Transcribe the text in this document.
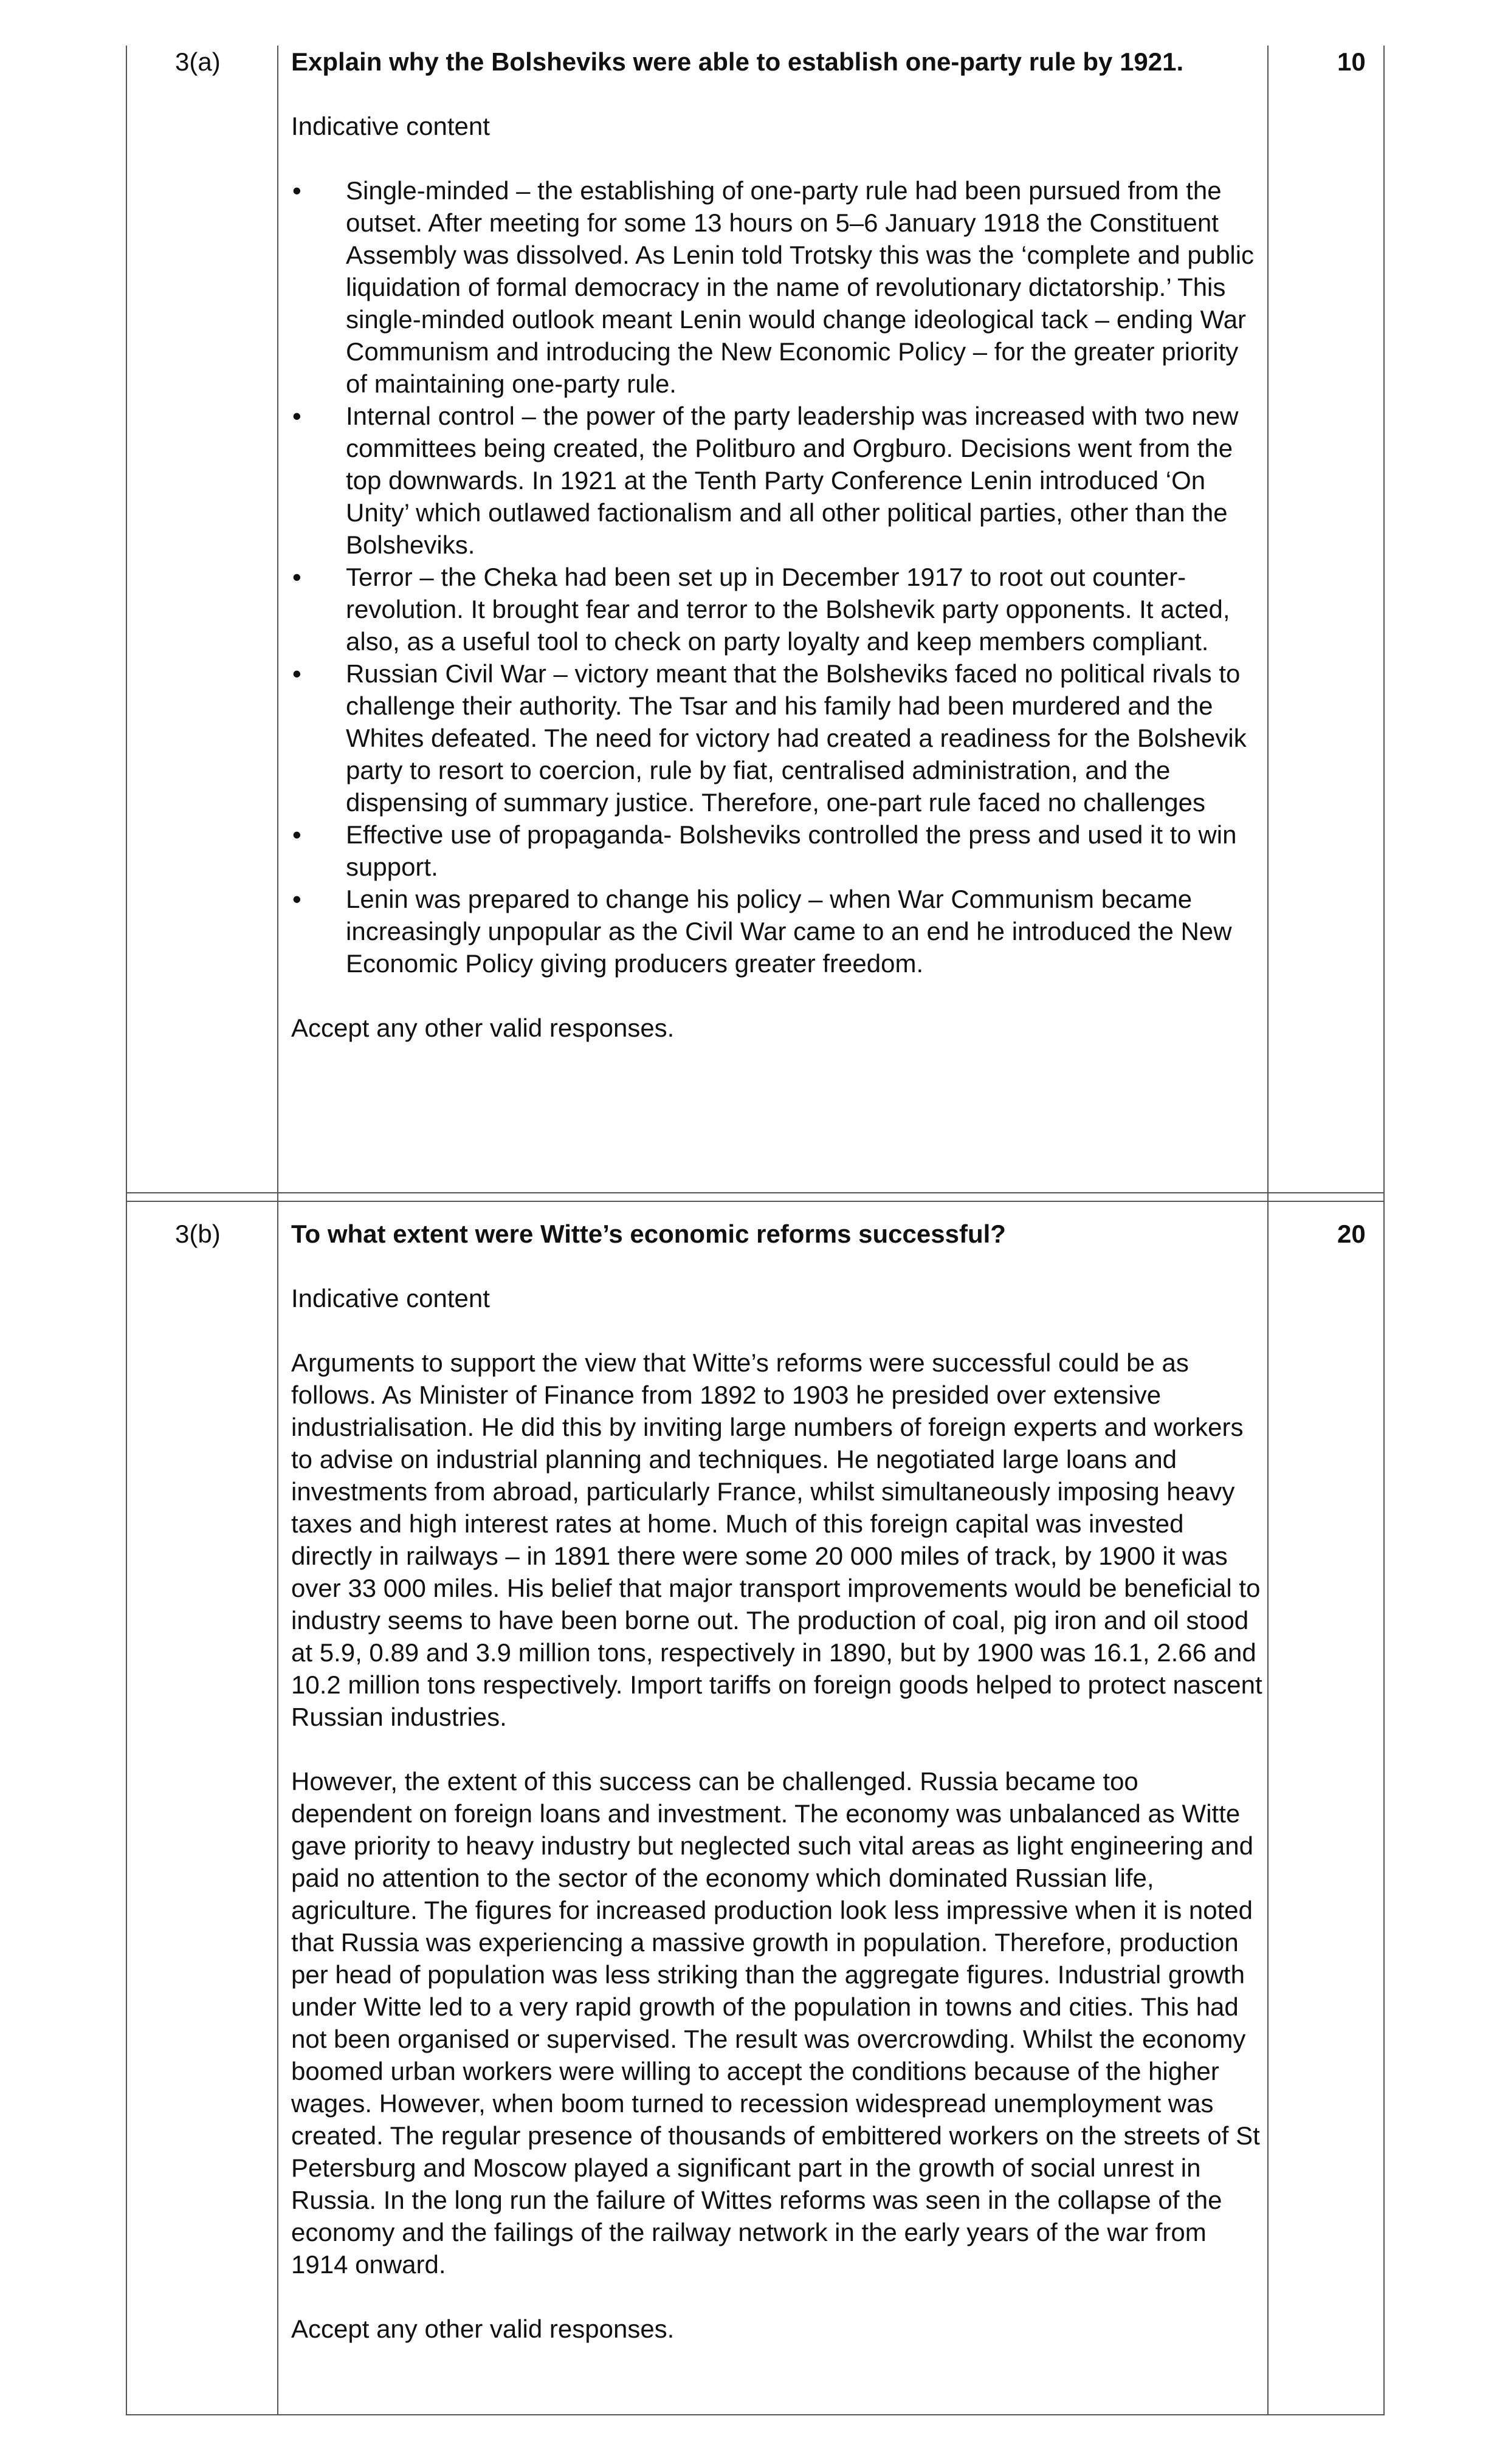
3(a)	10

Explain why the Bolsheviks were able to establish one-party rule by 1921.

Indicative content

• Single-minded – the establishing of one-party rule had been pursued from the outset. After meeting for some 13 hours on 5–6 January 1918 the Constituent Assembly was dissolved. As Lenin told Trotsky this was the ‘complete and public liquidation of formal democracy in the name of revolutionary dictatorship.’ This single-minded outlook meant Lenin would change ideological tack – ending War Communism and introducing the New Economic Policy – for the greater priority of maintaining one-party rule.
• Internal control – the power of the party leadership was increased with two new committees being created, the Politburo and Orgburo. Decisions went from the top downwards. In 1921 at the Tenth Party Conference Lenin introduced ‘On Unity’ which outlawed factionalism and all other political parties, other than the Bolsheviks.
• Terror – the Cheka had been set up in December 1917 to root out counter-revolution. It brought fear and terror to the Bolshevik party opponents. It acted, also, as a useful tool to check on party loyalty and keep members compliant.
• Russian Civil War – victory meant that the Bolsheviks faced no political rivals to challenge their authority. The Tsar and his family had been murdered and the Whites defeated. The need for victory had created a readiness for the Bolshevik party to resort to coercion, rule by fiat, centralised administration, and the dispensing of summary justice. Therefore, one-part rule faced no challenges
• Effective use of propaganda- Bolsheviks controlled the press and used it to win support.
• Lenin was prepared to change his policy – when War Communism became increasingly unpopular as the Civil War came to an end he introduced the New Economic Policy giving producers greater freedom.

Accept any other valid responses.

3(b)	20

To what extent were Witte’s economic reforms successful?

Indicative content

Arguments to support the view that Witte’s reforms were successful could be as follows. As Minister of Finance from 1892 to 1903 he presided over extensive industrialisation. He did this by inviting large numbers of foreign experts and workers to advise on industrial planning and techniques. He negotiated large loans and investments from abroad, particularly France, whilst simultaneously imposing heavy taxes and high interest rates at home. Much of this foreign capital was invested directly in railways – in 1891 there were some 20 000 miles of track, by 1900 it was over 33 000 miles. His belief that major transport improvements would be beneficial to industry seems to have been borne out. The production of coal, pig iron and oil stood at 5.9, 0.89 and 3.9 million tons, respectively in 1890, but by 1900 was 16.1, 2.66 and 10.2 million tons respectively. Import tariffs on foreign goods helped to protect nascent Russian industries.

However, the extent of this success can be challenged. Russia became too dependent on foreign loans and investment. The economy was unbalanced as Witte gave priority to heavy industry but neglected such vital areas as light engineering and paid no attention to the sector of the economy which dominated Russian life, agriculture. The figures for increased production look less impressive when it is noted that Russia was experiencing a massive growth in population. Therefore, production per head of population was less striking than the aggregate figures. Industrial growth under Witte led to a very rapid growth of the population in towns and cities. This had not been organised or supervised. The result was overcrowding. Whilst the economy boomed urban workers were willing to accept the conditions because of the higher wages. However, when boom turned to recession widespread unemployment was created. The regular presence of thousands of embittered workers on the streets of St Petersburg and Moscow played a significant part in the growth of social unrest in Russia. In the long run the failure of Wittes reforms was seen in the collapse of the economy and the failings of the railway network in the early years of the war from 1914 onward.

Accept any other valid responses.
